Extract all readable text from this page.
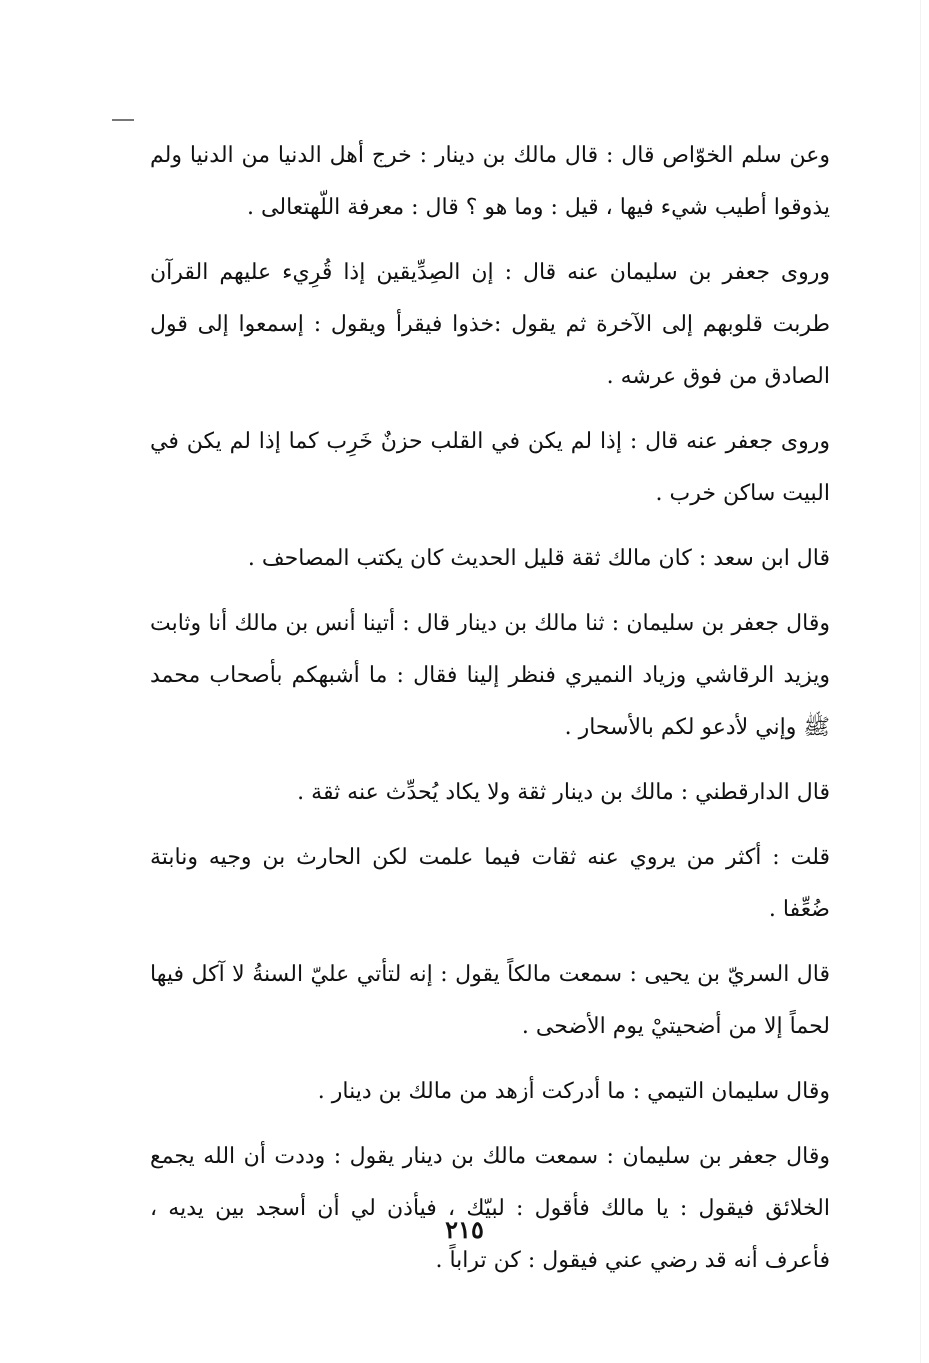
وعن سلم الخوّاص قال : قال مالك بن دينار : خرج أهل الدنيا من الدنيا ولم يذوقوا أطيب شيء فيها ، قيل : وما هو ؟ قال : معرفة اللّهتعالى .

وروى جعفر بن سليمان عنه قال : إن الصِدِّيقين إذا قُرِيء عليهم القرآن طربت قلوبهم إلى الآخرة ثم يقول :خذوا فيقرأ ويقول : إسمعوا إلى قول الصادق من فوق عرشه .

وروى جعفر عنه قال : إذا لم يكن في القلب حزنٌ خَرِب كما إذا لم يكن في البيت ساكن خرب .

قال ابن سعد : كان مالك ثقة قليل الحديث كان يكتب المصاحف .

وقال جعفر بن سليمان : ثنا مالك بن دينار قال : أتينا أنس بن مالك أنا وثابت ويزيد الرقاشي وزياد النميري فنظر إلينا فقال : ما أشبهكم بأصحاب محمد ﷺ وإني لأدعو لكم بالأسحار .

قال الدارقطني : مالك بن دينار ثقة ولا يكاد يُحدِّث عنه ثقة .

قلت : أكثر من يروي عنه ثقات فيما علمت لكن الحارث بن وجيه ونابتة ضُعِّفا .

قال السريّ بن يحيى : سمعت مالكاً يقول : إنه لتأتي عليّ السنةُ لا آكل فيها لحماً إلا من أضحيتيْ يوم الأضحى .

وقال سليمان التيمي : ما أدركت أزهد من مالك بن دينار .

وقال جعفر بن سليمان : سمعت مالك بن دينار يقول : وددت أن الله يجمع الخلائق فيقول : يا مالك فأقول : لبيّك ، فيأذن لي أن أسجد بين يديه ، فأعرف أنه قد رضي عني فيقول : كن تراباً .

٢١٥
